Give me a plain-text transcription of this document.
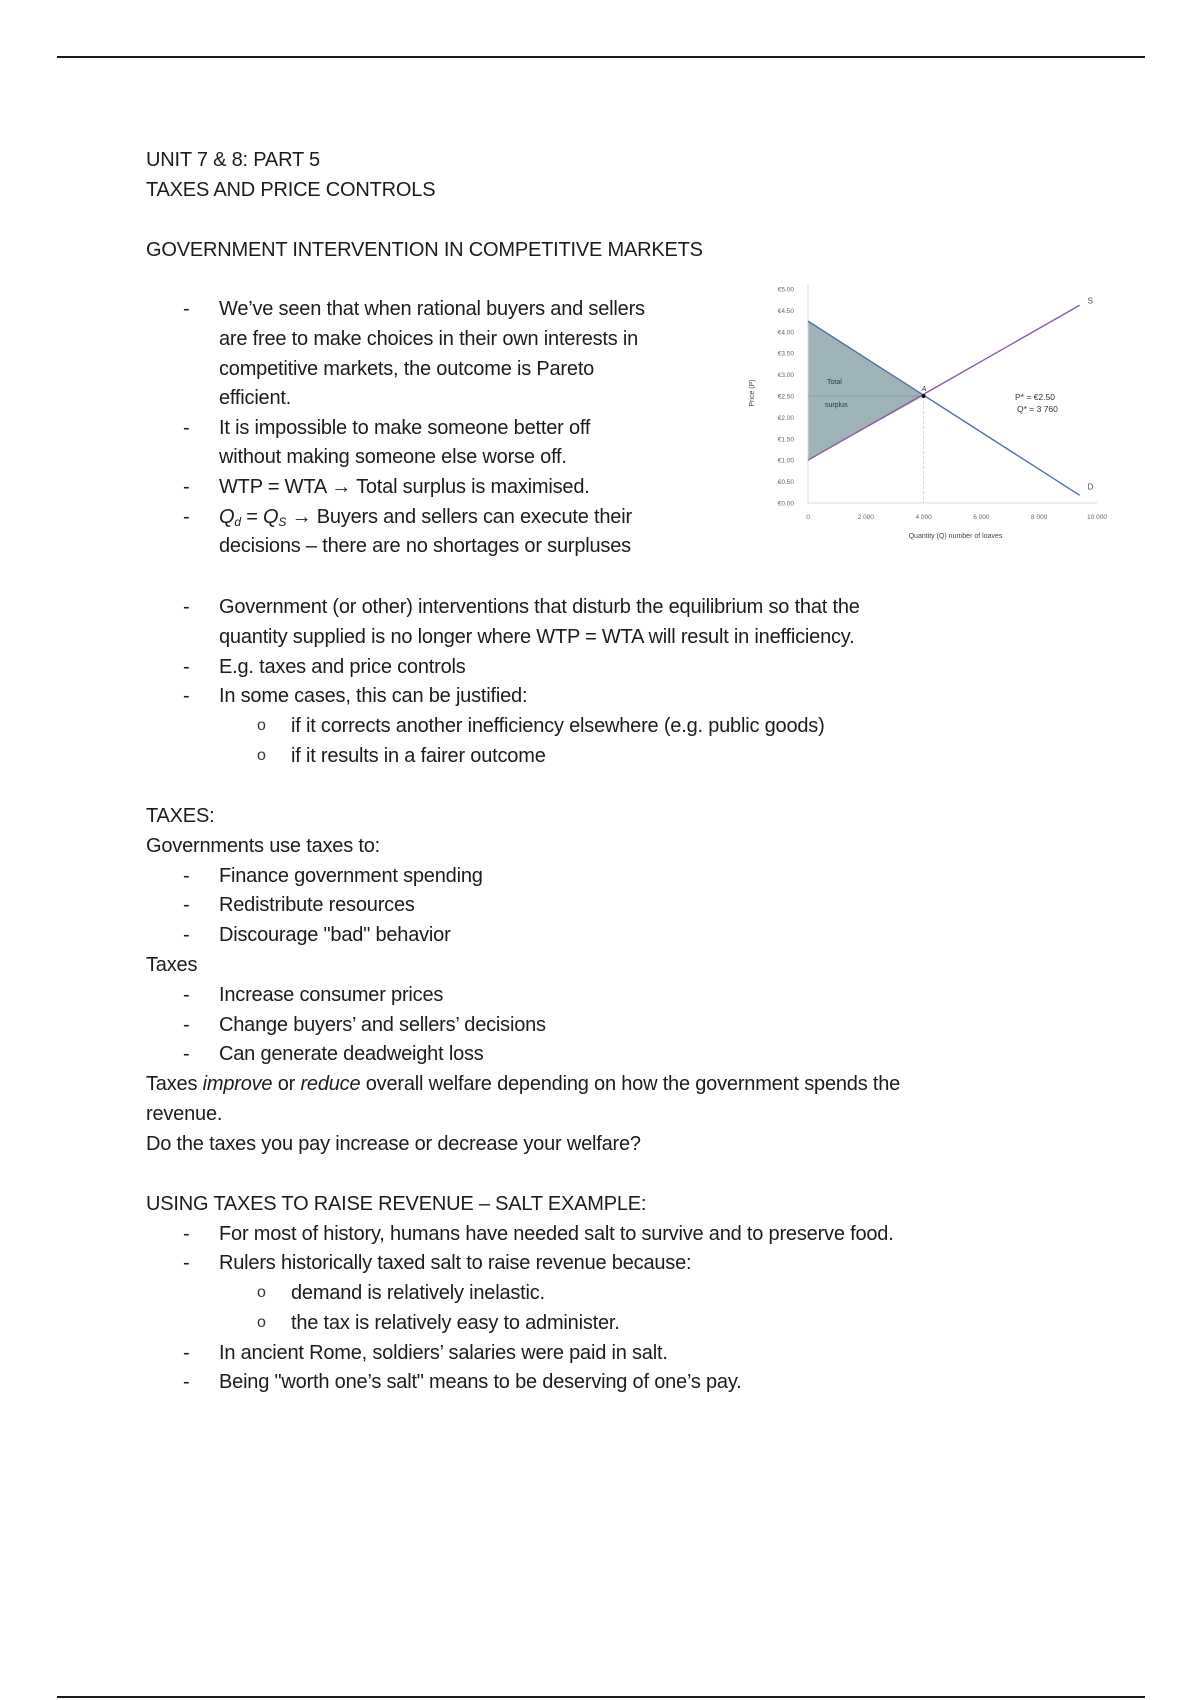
UNIT 7 & 8: PART 5
TAXES AND PRICE CONTROLS
GOVERNMENT INTERVENTION IN COMPETITIVE MARKETS
- We’ve seen that when rational buyers and sellers
are free to make choices in their own interests in
competitive markets, the outcome is Pareto
efficient.
- It is impossible to make someone better off
without making someone else worse off.
- WTP = WTA → Total surplus is maximised.
- $Q_d = Q_S$ → Buyers and sellers can execute their
decisions – there are no shortages or surpluses
D
S
A
Total
surplus
P* = €2.50
Q* = 3 760
€0.00
€0.50
€1.00
€1.50
€2.00
€2.50
€3.00
€3.50
€4.00
€4.50
€5.00
0	2 000	4 000	6 000	8 000	10 000
Quantity (Q) number of loaves
Price (P)
- Government (or other) interventions that disturb the equilibrium so that the
quantity supplied is no longer where WTP = WTA will result in inefficiency.
- E.g. taxes and price controls
- In some cases, this can be justified:
o if it corrects another inefficiency elsewhere (e.g. public goods)
o if it results in a fairer outcome
TAXES:
Governments use taxes to:
- Finance government spending
- Redistribute resources
- Discourage "bad" behavior
Taxes
- Increase consumer prices
- Change buyers’ and sellers’ decisions
- Can generate deadweight loss
Taxes improve or reduce overall welfare depending on how the government spends the
revenue.
Do the taxes you pay increase or decrease your welfare?
USING TAXES TO RAISE REVENUE – SALT EXAMPLE:
- For most of history, humans have needed salt to survive and to preserve food.
- Rulers historically taxed salt to raise revenue because:
o demand is relatively inelastic.
o the tax is relatively easy to administer.
- In ancient Rome, soldiers’ salaries were paid in salt.
- Being "worth one’s salt" means to be deserving of one’s pay.
